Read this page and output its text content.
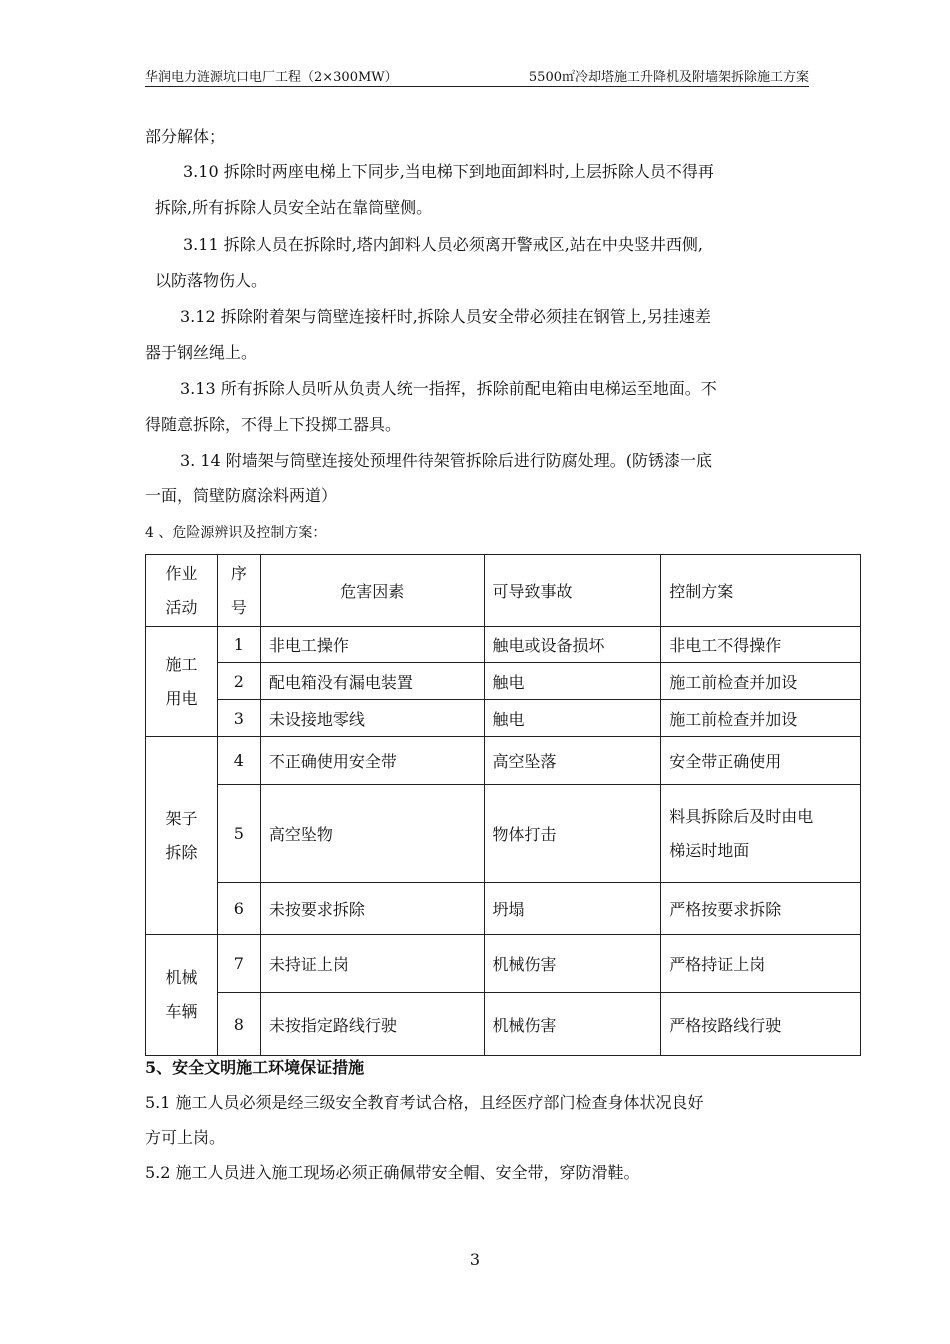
华润电力涟源坑口电厂工程（2×300MW）	5500㎡冷却塔施工升降机及附墙架拆除施工方案
部分解体；
3.10 拆除时两座电梯上下同步,当电梯下到地面卸料时,上层拆除人员不得再
拆除,所有拆除人员安全站在靠筒壁侧。
3.11 拆除人员在拆除时,塔内卸料人员必须离开警戒区,站在中央竖井西侧,
以防落物伤人。
3.12 拆除附着架与筒壁连接杆时,拆除人员安全带必须挂在钢管上,另挂速差
器于钢丝绳上。
3.13 所有拆除人员听从负责人统一指挥，拆除前配电箱由电梯运至地面。不
得随意拆除，不得上下投掷工器具。
3. 14 附墙架与筒壁连接处预埋件待架管拆除后进行防腐处理。(防锈漆一底
一面，筒壁防腐涂料两道）
4 、危险源辨识及控制方案：
作业
活动	序
号	危害因素	可导致事故	控制方案
施工
用电	1	非电工操作	触电或设备损坏	非电工不得操作
	2	配电箱没有漏电装置	触电	施工前检查并加设
	3	未设接地零线	触电	施工前检查并加设
架子
拆除	4	不正确使用安全带	高空坠落	安全带正确使用
	5	高空坠物	物体打击	料具拆除后及时由电
梯运时地面
	6	未按要求拆除	坍塌	严格按要求拆除
机械
车辆	7	未持证上岗	机械伤害	严格持证上岗
	8	未按指定路线行驶	机械伤害	严格按路线行驶
5、安全文明施工环境保证措施
5.1 施工人员必须是经三级安全教育考试合格，且经医疗部门检查身体状况良好
方可上岗。
5.2 施工人员进入施工现场必须正确佩带安全帽、安全带，穿防滑鞋。
3
